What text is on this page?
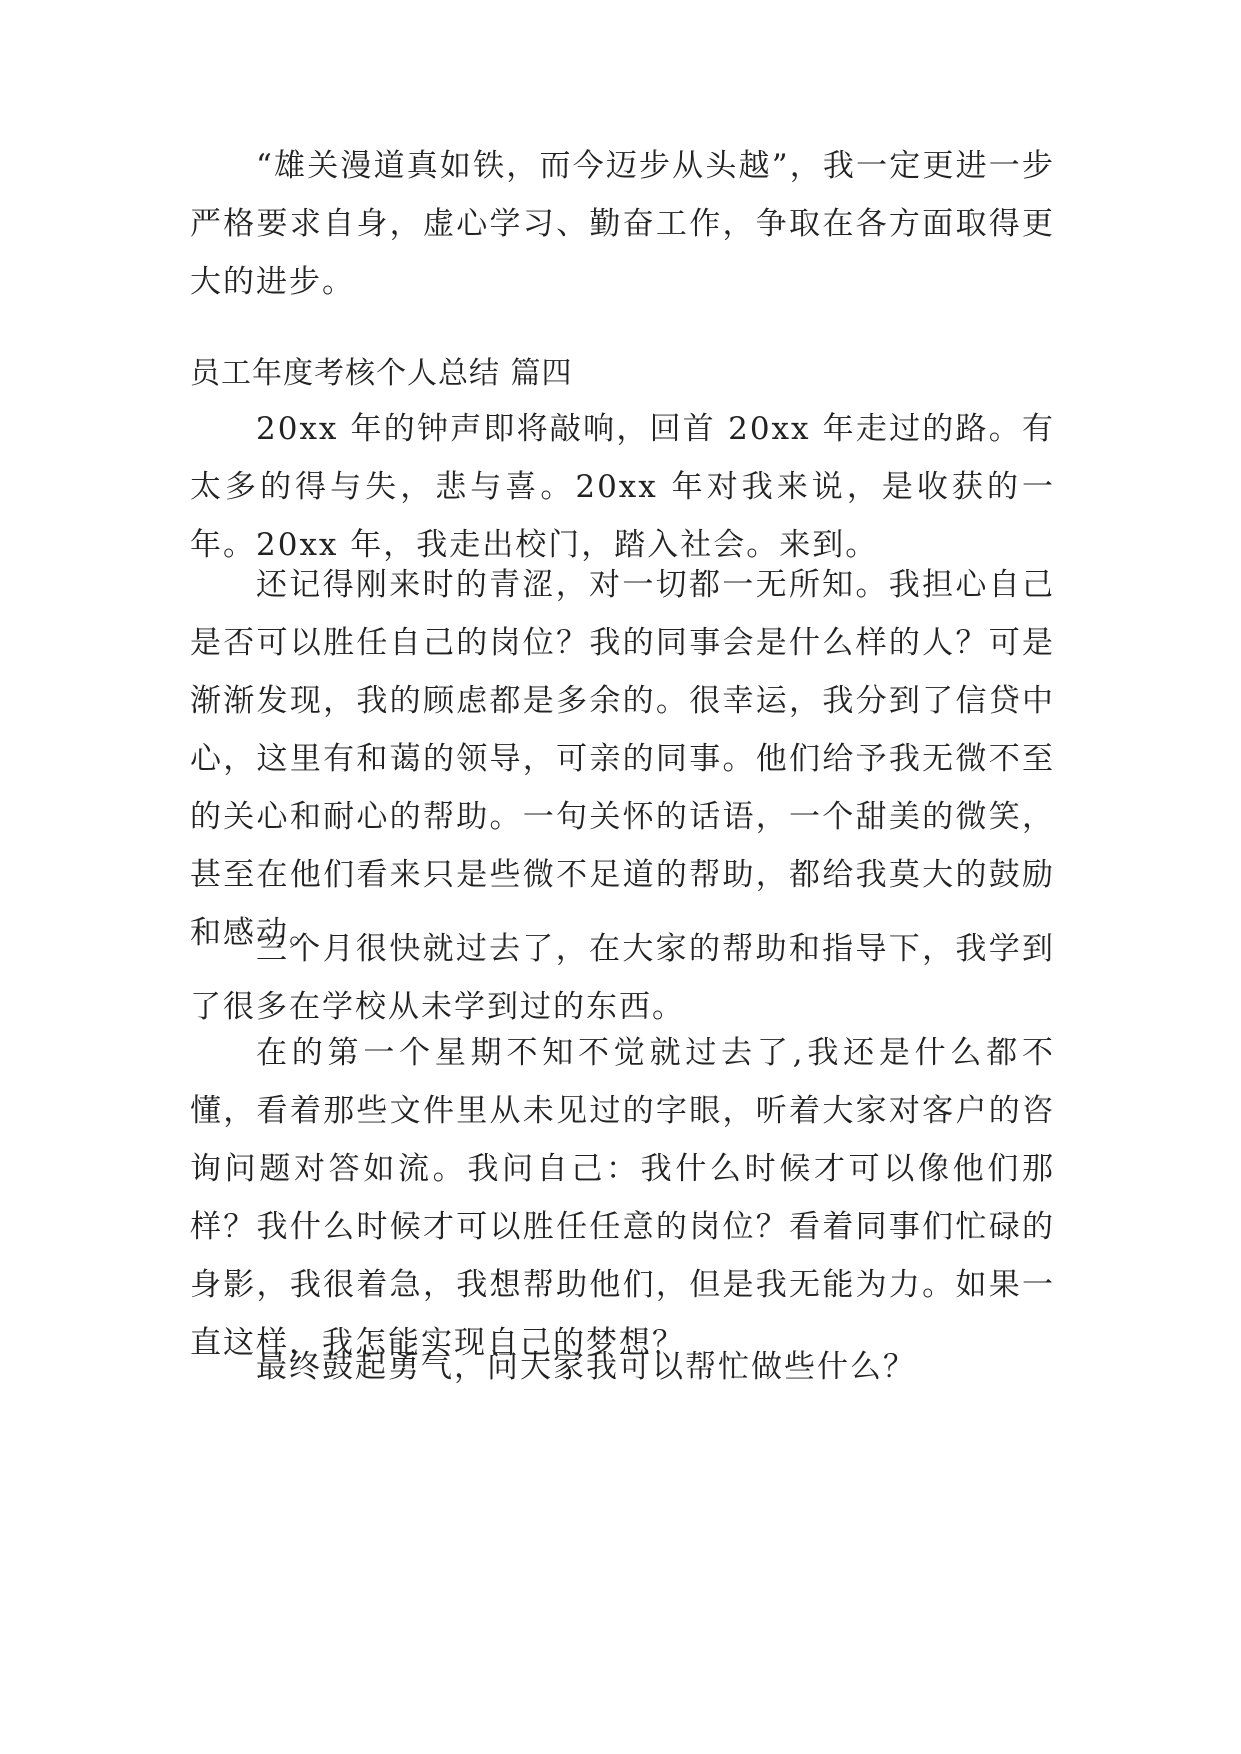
“雄关漫道真如铁，而今迈步从头越”，我一定更进一步严格要求自身，虚心学习、勤奋工作，争取在各方面取得更大的进步。

员工年度考核个人总结 篇四

20xx 年的钟声即将敲响，回首 20xx 年走过的路。有太多的得与失，悲与喜。20xx 年对我来说，是收获的一年。20xx 年，我走出校门，踏入社会。来到。

还记得刚来时的青涩，对一切都一无所知。我担心自己是否可以胜任自己的岗位？我的同事会是什么样的人？可是渐渐发现，我的顾虑都是多余的。很幸运，我分到了信贷中心，这里有和蔼的领导，可亲的同事。他们给予我无微不至的关心和耐心的帮助。一句关怀的话语，一个甜美的微笑，甚至在他们看来只是些微不足道的帮助，都给我莫大的鼓励和感动。

三个月很快就过去了，在大家的帮助和指导下，我学到了很多在学校从未学到过的东西。

在的第一个星期不知不觉就过去了,我还是什么都不懂，看着那些文件里从未见过的字眼，听着大家对客户的咨询问题对答如流。我问自己：我什么时候才可以像他们那样？我什么时候才可以胜任任意的岗位？看着同事们忙碌的身影，我很着急，我想帮助他们，但是我无能为力。如果一直这样，我怎能实现自己的梦想？

最终鼓起勇气，问大家我可以帮忙做些什么？
